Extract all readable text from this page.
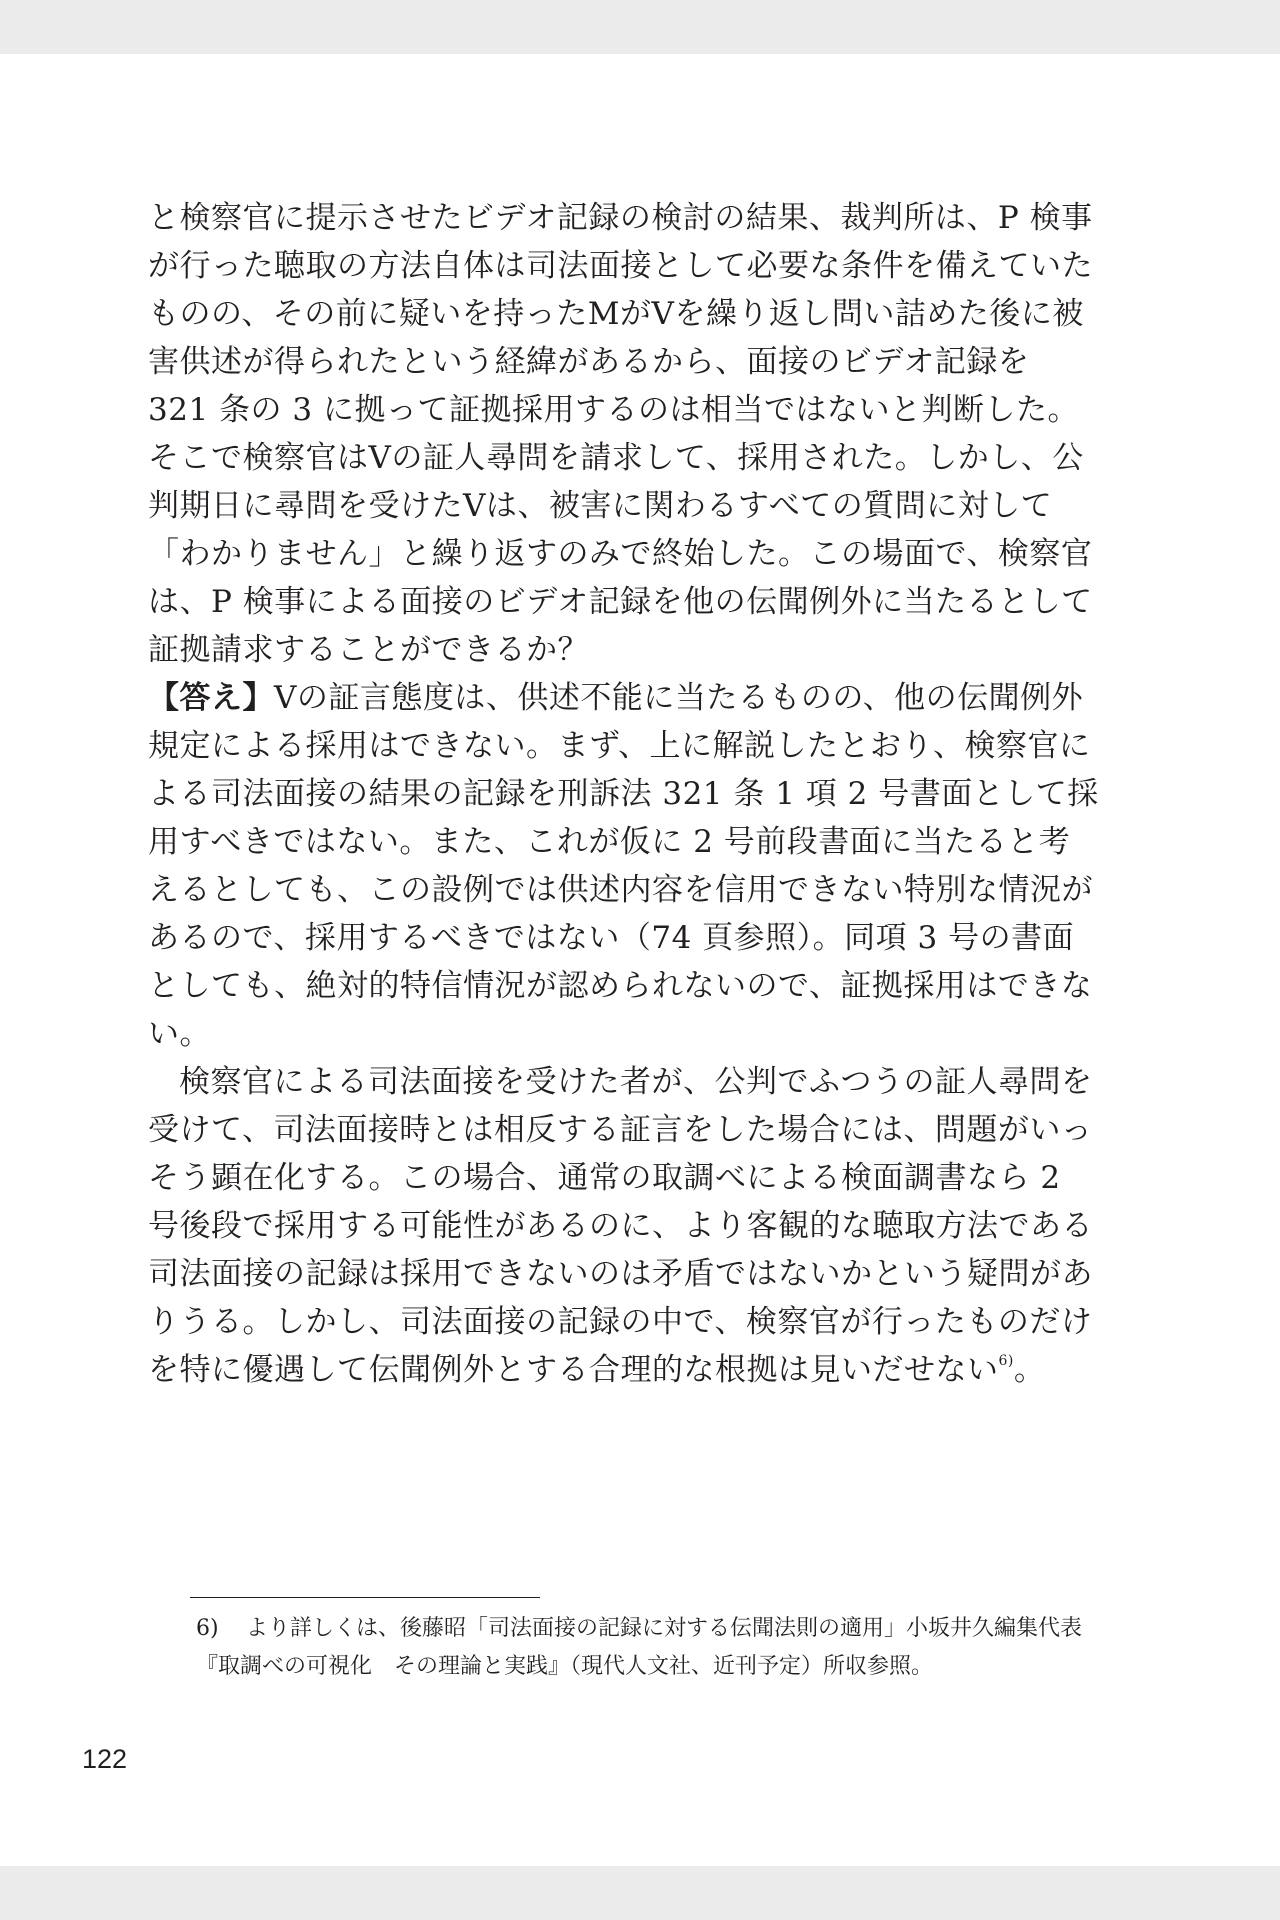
と検察官に提示させたビデオ記録の検討の結果、裁判所は、P 検事が行った聴取の方法自体は司法面接として必要な条件を備えていたものの、その前に疑いを持ったMがVを繰り返し問い詰めた後に被害供述が得られたという経緯があるから、面接のビデオ記録を 321 条の 3 に拠って証拠採用するのは相当ではないと判断した。そこで検察官はVの証人尋問を請求して、採用された。しかし、公判期日に尋問を受けたVは、被害に関わるすべての質問に対して「わかりません」と繰り返すのみで終始した。この場面で、検察官は、P 検事による面接のビデオ記録を他の伝聞例外に当たるとして証拠請求することができるか？

【答え】Vの証言態度は、供述不能に当たるものの、他の伝聞例外規定による採用はできない。まず、上に解説したとおり、検察官による司法面接の結果の記録を刑訴法 321 条 1 項 2 号書面として採用すべきではない。また、これが仮に 2 号前段書面に当たると考えるとしても、この設例では供述内容を信用できない特別な情況があるので、採用するべきではない（74 頁参照）。同項 3 号の書面としても、絶対的特信情況が認められないので、証拠採用はできない。

検察官による司法面接を受けた者が、公判でふつうの証人尋問を受けて、司法面接時とは相反する証言をした場合には、問題がいっそう顕在化する。この場合、通常の取調べによる検面調書なら 2 号後段で採用する可能性があるのに、より客観的な聴取方法である司法面接の記録は採用できないのは矛盾ではないかという疑問がありうる。しかし、司法面接の記録の中で、検察官が行ったものだけを特に優遇して伝聞例外とする合理的な根拠は見いだせない$^{6)}$。

6) より詳しくは、後藤昭「司法面接の記録に対する伝聞法則の適用」小坂井久編集代表
『取調べの可視化　その理論と実践』（現代人文社、近刊予定）所収参照。
122
